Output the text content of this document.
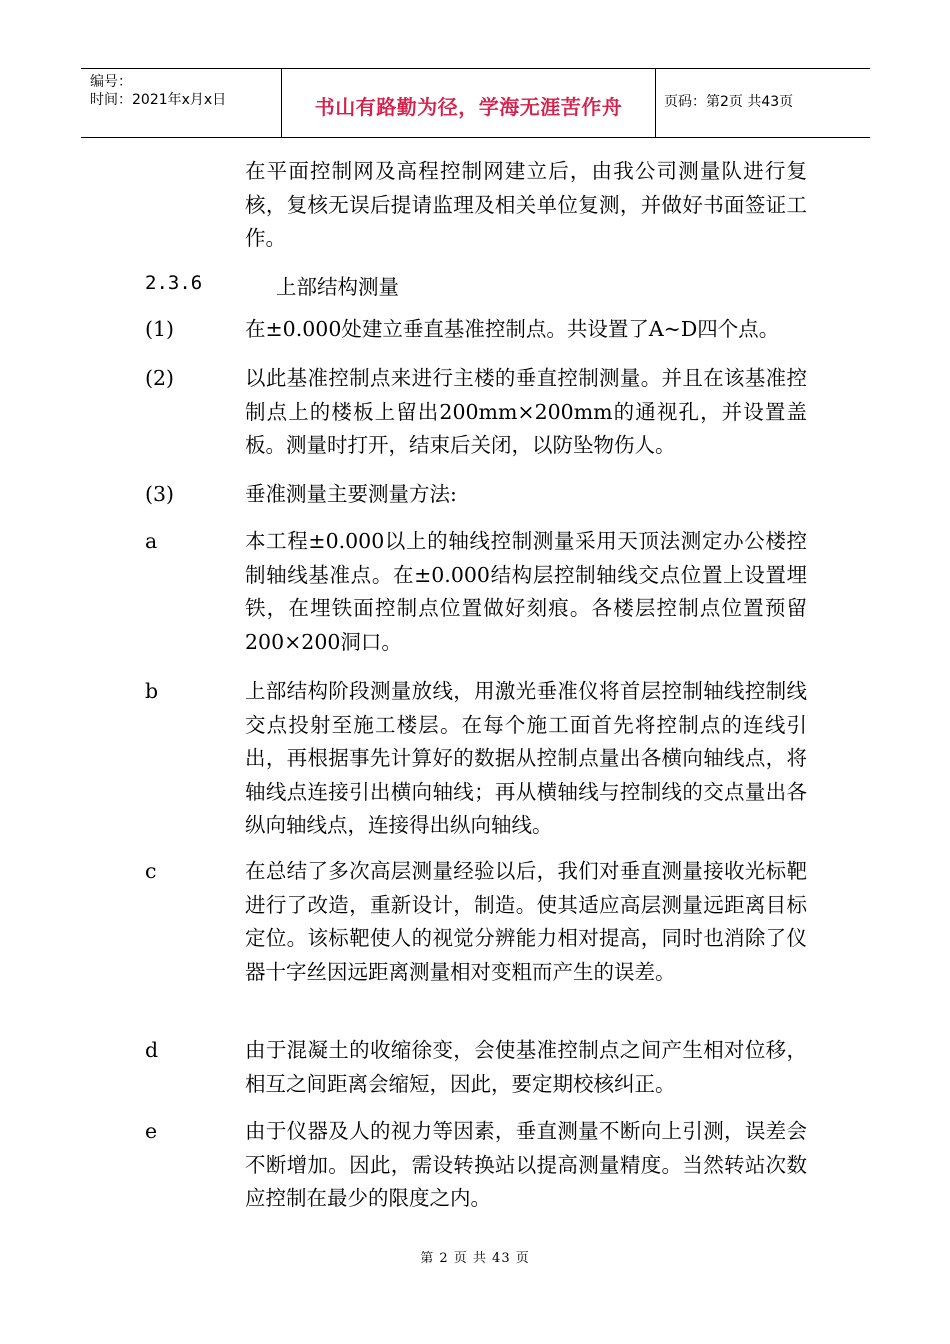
编号：
时间：2021年x月x日	书山有路勤为径，学海无涯苦作舟	页码：第2页 共43页
在平面控制网及高程控制网建立后，由我公司测量队进行复核，复核无误后提请监理及相关单位复测，并做好书面签证工作。
2.3.6	上部结构测量
(1)	在±0.000处建立垂直基准控制点。共设置了A~D四个点。
(2)	以此基准控制点来进行主楼的垂直控制测量。并且在该基准控制点上的楼板上留出200mm×200mm的通视孔，并设置盖板。测量时打开，结束后关闭，以防坠物伤人。
(3)	垂准测量主要测量方法:
a	本工程±0.000以上的轴线控制测量采用天顶法测定办公楼控制轴线基准点。在±0.000结构层控制轴线交点位置上设置埋铁，在埋铁面控制点位置做好刻痕。各楼层控制点位置预留200×200洞口。
b	上部结构阶段测量放线，用激光垂准仪将首层控制轴线控制线交点投射至施工楼层。在每个施工面首先将控制点的连线引出，再根据事先计算好的数据从控制点量出各横向轴线点，将轴线点连接引出横向轴线；再从横轴线与控制线的交点量出各纵向轴线点，连接得出纵向轴线。
c	在总结了多次高层测量经验以后，我们对垂直测量接收光标靶进行了改造，重新设计，制造。使其适应高层测量远距离目标定位。该标靶使人的视觉分辨能力相对提高，同时也消除了仪器十字丝因远距离测量相对变粗而产生的误差。
d	由于混凝土的收缩徐变，会使基准控制点之间产生相对位移，相互之间距离会缩短，因此，要定期校核纠正。
e	由于仪器及人的视力等因素，垂直测量不断向上引测，误差会不断增加。因此，需设转换站以提高测量精度。当然转站次数应控制在最少的限度之内。
第 2 页 共 43 页
